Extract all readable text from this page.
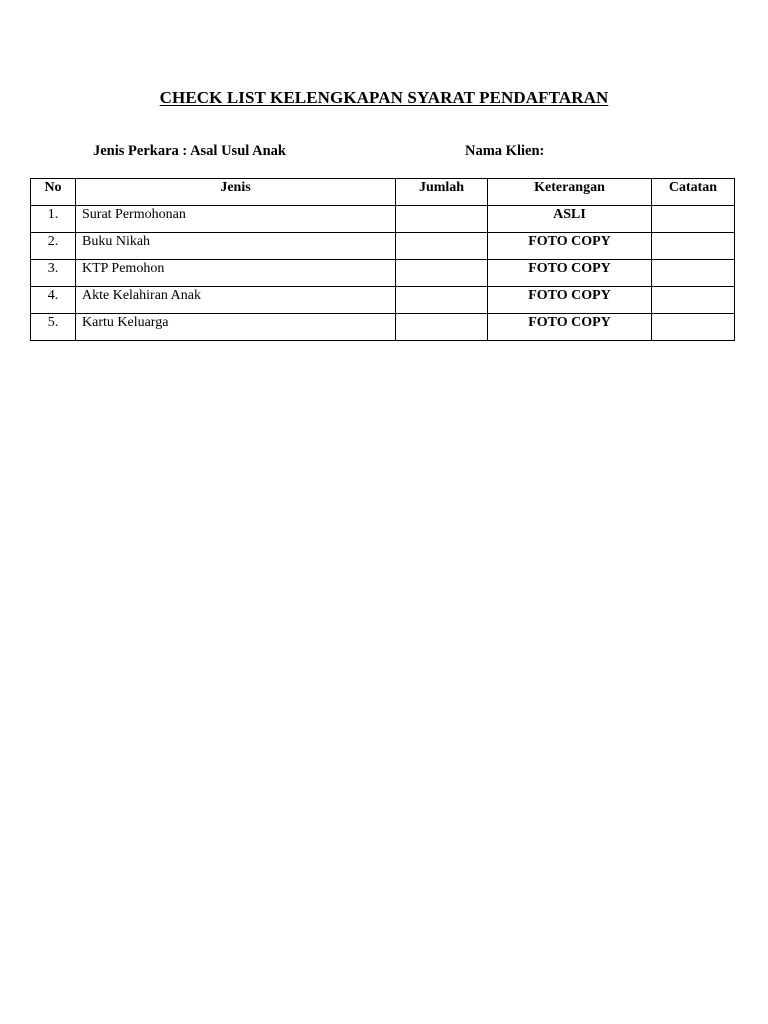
CHECK LIST KELENGKAPAN SYARAT PENDAFTARAN
Jenis Perkara : Asal Usul Anak	Nama Klien:
No	Jenis	Jumlah	Keterangan	Catatan
1.	Surat Permohonan		ASLI	
2.	Buku Nikah		FOTO COPY	
3.	KTP Pemohon		FOTO COPY	
4.	Akte Kelahiran Anak		FOTO COPY	
5.	Kartu Keluarga		FOTO COPY	
